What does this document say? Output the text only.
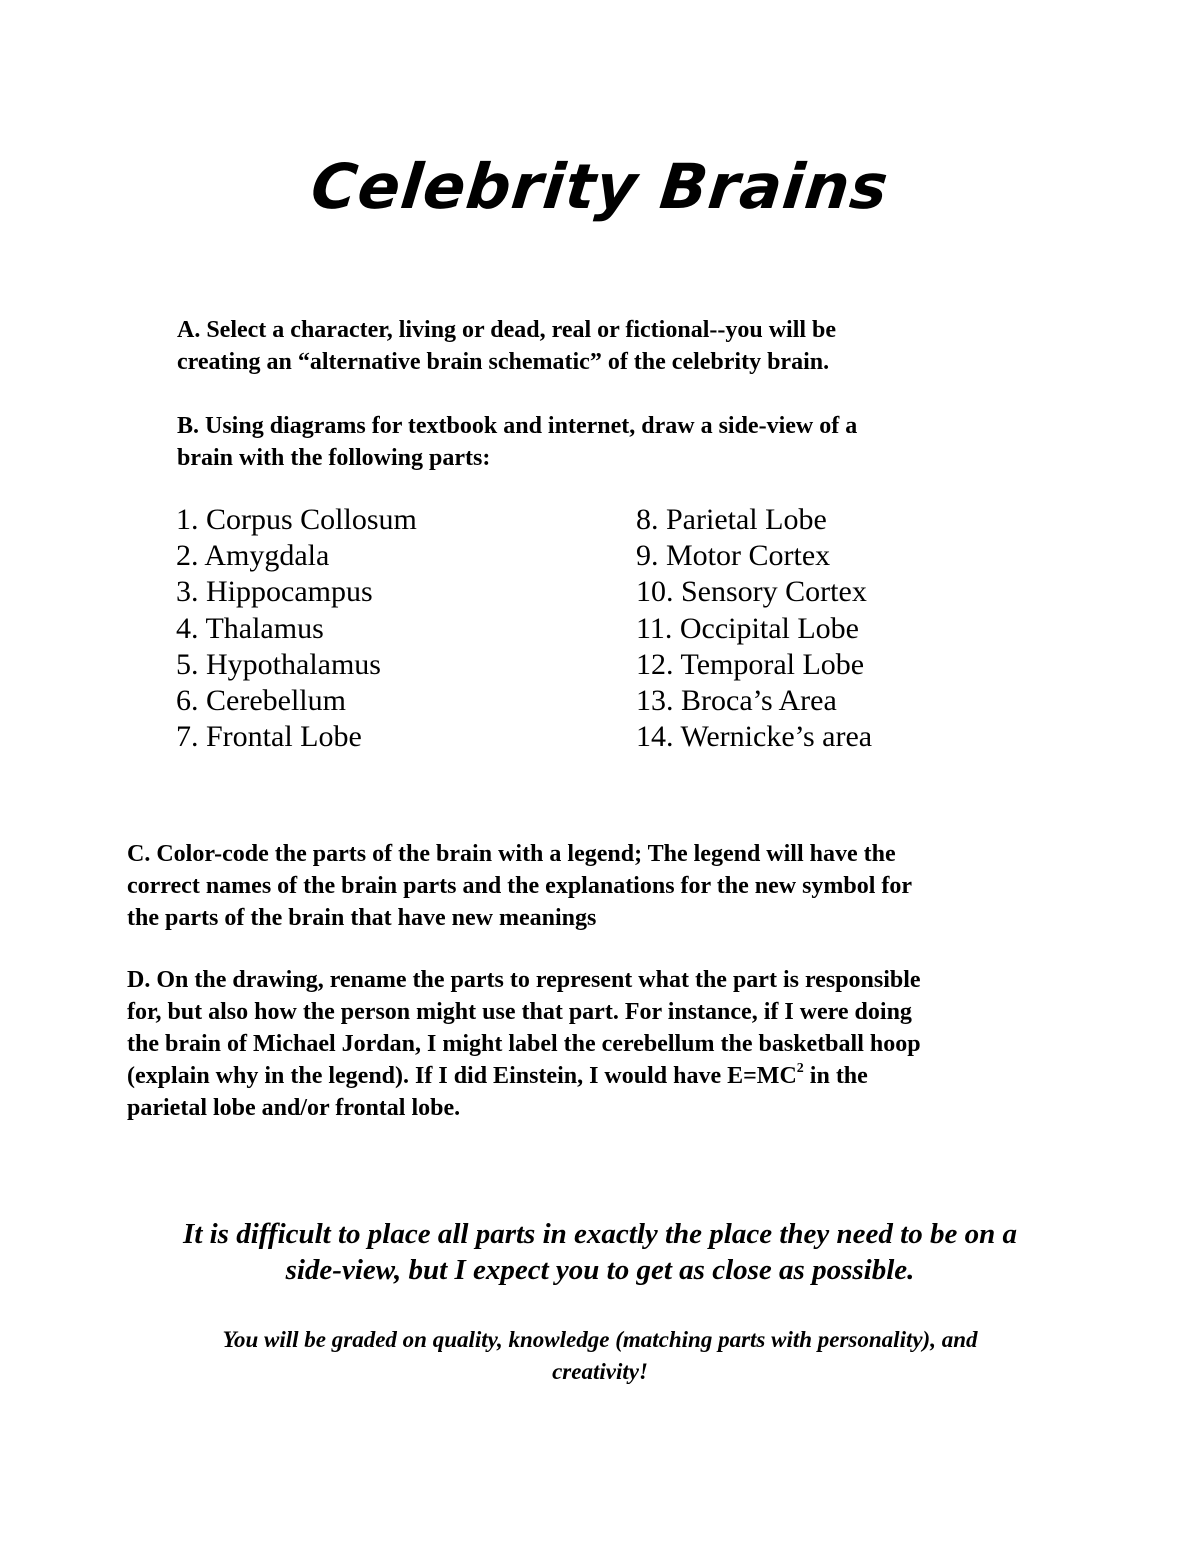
Celebrity Brains

A. Select a character, living or dead, real or fictional--you will be
creating an “alternative brain schematic” of the celebrity brain.

B. Using diagrams for textbook and internet, draw a side-view of a
brain with the following parts:

1. Corpus Collosum
2. Amygdala
3. Hippocampus
4. Thalamus
5. Hypothalamus
6. Cerebellum
7. Frontal Lobe
8. Parietal Lobe
9. Motor Cortex
10. Sensory Cortex
11. Occipital Lobe
12. Temporal Lobe
13. Broca’s Area
14. Wernicke’s area

C. Color-code the parts of the brain with a legend; The legend will have the
correct names of the brain parts and the explanations for the new symbol for
the parts of the brain that have new meanings

D. On the drawing, rename the parts to represent what the part is responsible
for, but also how the person might use that part. For instance, if I were doing
the brain of Michael Jordan, I might label the cerebellum the basketball hoop
(explain why in the legend). If I did Einstein, I would have $E=MC^2$ in the
parietal lobe and/or frontal lobe.

It is difficult to place all parts in exactly the place they need to be on a
side-view, but I expect you to get as close as possible.

You will be graded on quality, knowledge (matching parts with personality), and
creativity!
